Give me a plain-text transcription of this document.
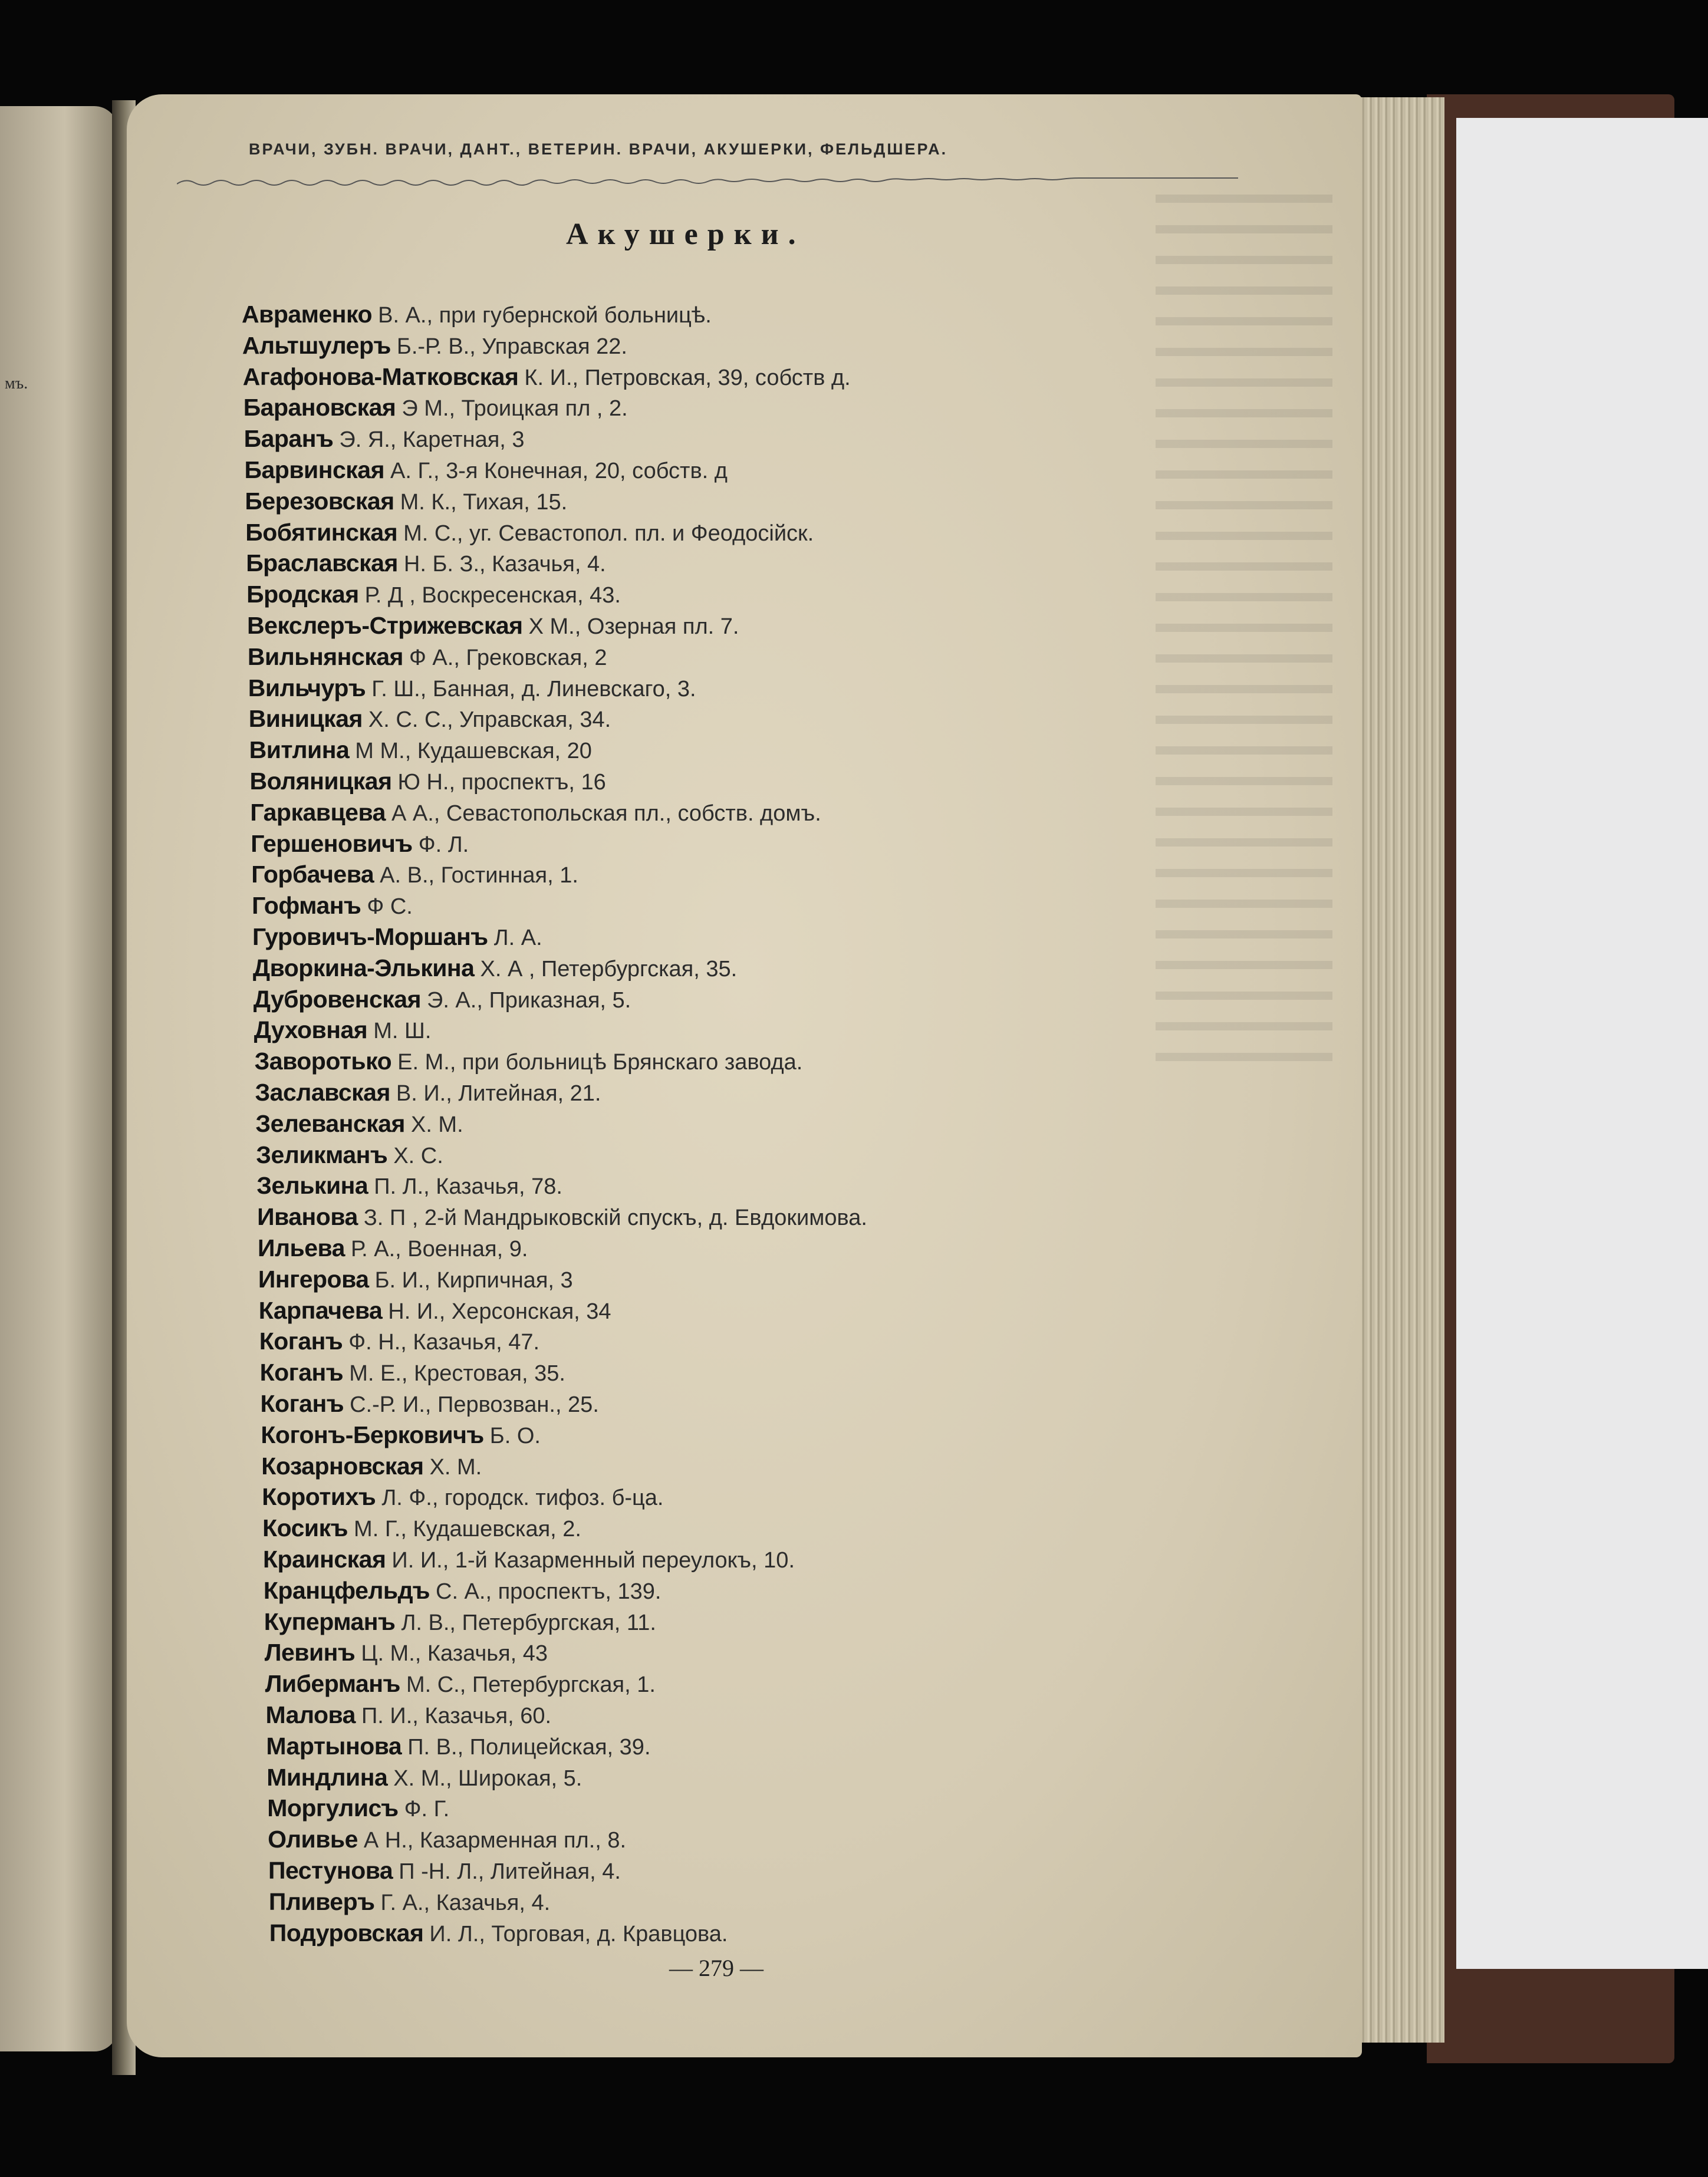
мъ.
ВРАЧИ, ЗУБН. ВРАЧИ, ДАНТ., ВЕТЕРИН. ВРАЧИ, АКУШЕРКИ, ФЕЛЬДШЕРА.
Акушерки.
Авраменко В. А., при губернской больницѣ.
Альтшулеръ Б.-Р. В., Управская 22.
Агафонова-Матковская К. И., Петровская, 39, собств д.
Барановская Э М., Троицкая пл , 2.
Баранъ Э. Я., Каретная, 3
Барвинская А. Г., 3-я Конечная, 20, собств. д
Березовская М. К., Тихая, 15.
Бобятинская М. С., уг. Севастопол. пл. и Феодосійск.
Браславская Н. Б. З., Казачья, 4.
Бродская Р. Д , Воскресенская, 43.
Векслеръ-Стрижевская Х М., Озерная пл. 7.
Вильнянская Ф А., Грековская, 2
Вильчуръ Г. Ш., Банная, д. Линевскаго, 3.
Виницкая Х. С. С., Управская, 34.
Витлина М М., Кудашевская, 20
Воляницкая Ю Н., проспектъ, 16
Гаркавцева А А., Севастопольская пл., собств. домъ.
Гершеновичъ Ф. Л.
Горбачева А. В., Гостинная, 1.
Гофманъ Ф С.
Гуровичъ-Моршанъ Л. А.
Дворкина-Элькина Х. А , Петербургская, 35.
Дубровенская Э. А., Приказная, 5.
Духовная М. Ш.
Заворотько Е. М., при больницѣ Брянскаго завода.
Заславская В. И., Литейная, 21.
Зелеванская Х. М.
Зеликманъ Х. С.
Зелькина П. Л., Казачья, 78.
Иванова З. П , 2-й Мандрыковскій спускъ, д. Евдокимова.
Ильева Р. А., Военная, 9.
Ингерова Б. И., Кирпичная, 3
Карпачева Н. И., Херсонская, 34
Коганъ Ф. Н., Казачья, 47.
Коганъ М. Е., Крестовая, 35.
Коганъ С.-Р. И., Первозван., 25.
Когонъ-Берковичъ Б. О.
Козарновская Х. М.
Коротихъ Л. Ф., городск. тифоз. б-ца.
Косикъ М. Г., Кудашевская, 2.
Краинская И. И., 1-й Казарменный переулокъ, 10.
Кранцфельдъ С. А., проспектъ, 139.
Куперманъ Л. В., Петербургская, 11.
Левинъ Ц. М., Казачья, 43
Либерманъ М. С., Петербургская, 1.
Малова П. И., Казачья, 60.
Мартынова П. В., Полицейская, 39.
Миндлина Х. М., Широкая, 5.
Моргулисъ Ф. Г.
Оливье А Н., Казарменная пл., 8.
Пестунова П -Н. Л., Литейная, 4.
Пливеръ Г. А., Казачья, 4.
Подуровская И. Л., Торговая, д. Кравцова.
— 279 —
